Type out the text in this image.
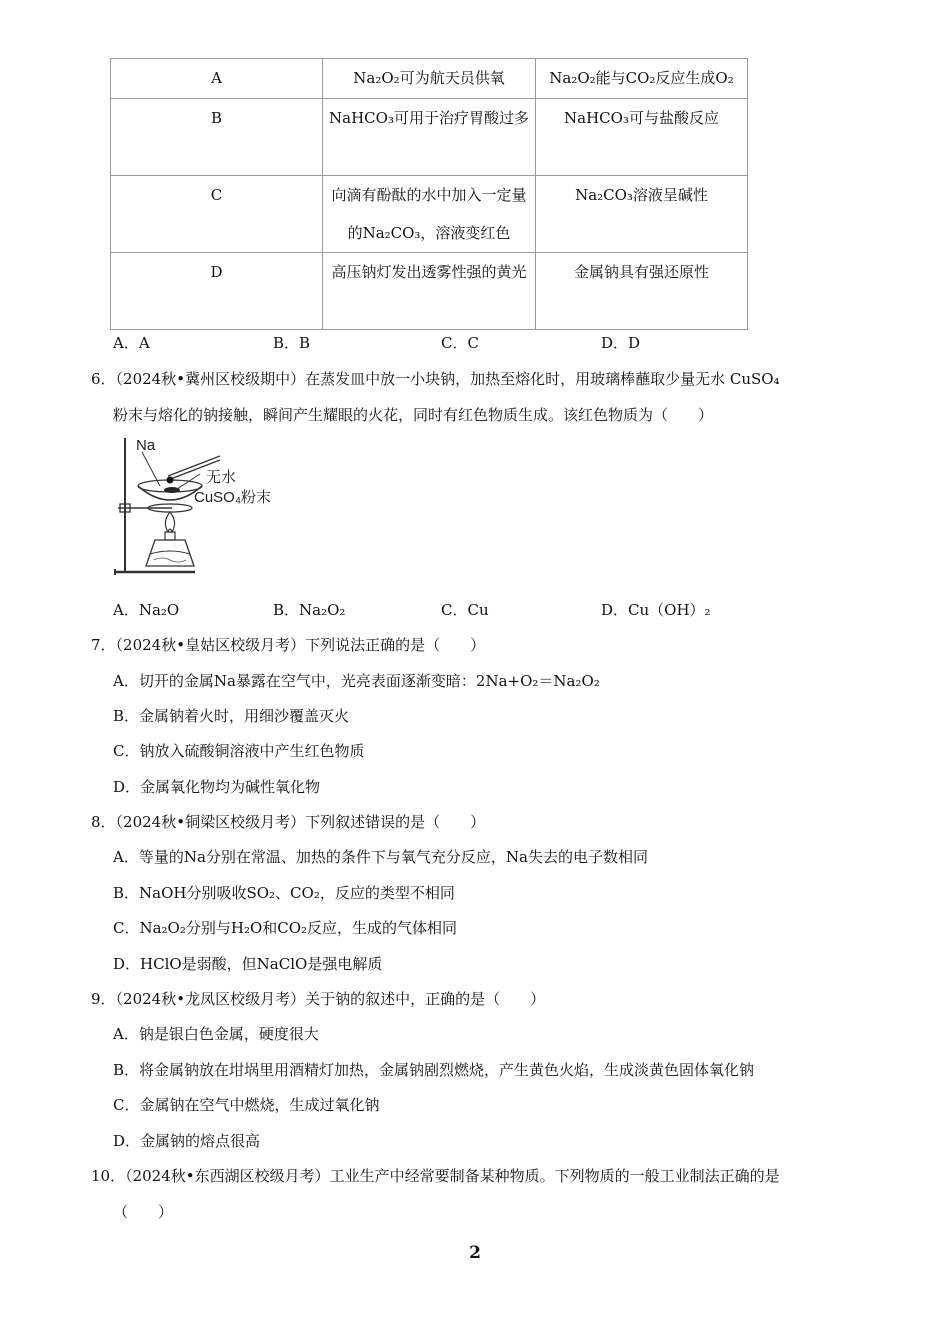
A	Na₂O₂可为航天员供氧	Na₂O₂能与CO₂反应生成O₂
B	NaHCO₃可用于治疗胃酸过多	NaHCO₃可与盐酸反应
C	向滴有酚酞的水中加入一定量的Na₂CO₃，溶液变红色	Na₂CO₃溶液呈碱性
D	高压钠灯发出透雾性强的黄光	金属钠具有强还原性
A．A	B．B	C．C	D．D
6．（2024秋•冀州区校级期中）在蒸发皿中放一小块钠，加热至熔化时，用玻璃棒蘸取少量无水 CuSO₄
粉末与熔化的钠接触，瞬间产生耀眼的火花，同时有红色物质生成。该红色物质为（　　）
Na
无水
CuSO₄粉末
A．Na₂O	B．Na₂O₂	C．Cu	D．Cu（OH）₂
7．（2024秋•皇姑区校级月考）下列说法正确的是（　　）
A．切开的金属Na暴露在空气中，光亮表面逐渐变暗：2Na+O₂＝Na₂O₂
B．金属钠着火时，用细沙覆盖灭火
C．钠放入硫酸铜溶液中产生红色物质
D．金属氧化物均为碱性氧化物
8．（2024秋•铜梁区校级月考）下列叙述错误的是（　　）
A．等量的Na分别在常温、加热的条件下与氧气充分反应，Na失去的电子数相同
B．NaOH分别吸收SO₂、CO₂，反应的类型不相同
C．Na₂O₂分别与H₂O和CO₂反应，生成的气体相同
D．HClO是弱酸，但NaClO是强电解质
9．（2024秋•龙凤区校级月考）关于钠的叙述中，正确的是（　　）
A．钠是银白色金属，硬度很大
B．将金属钠放在坩埚里用酒精灯加热，金属钠剧烈燃烧，产生黄色火焰，生成淡黄色固体氧化钠
C．金属钠在空气中燃烧，生成过氧化钠
D．金属钠的熔点很高
10．（2024秋•东西湖区校级月考）工业生产中经常要制备某种物质。下列物质的一般工业制法正确的是
（　　）
2
